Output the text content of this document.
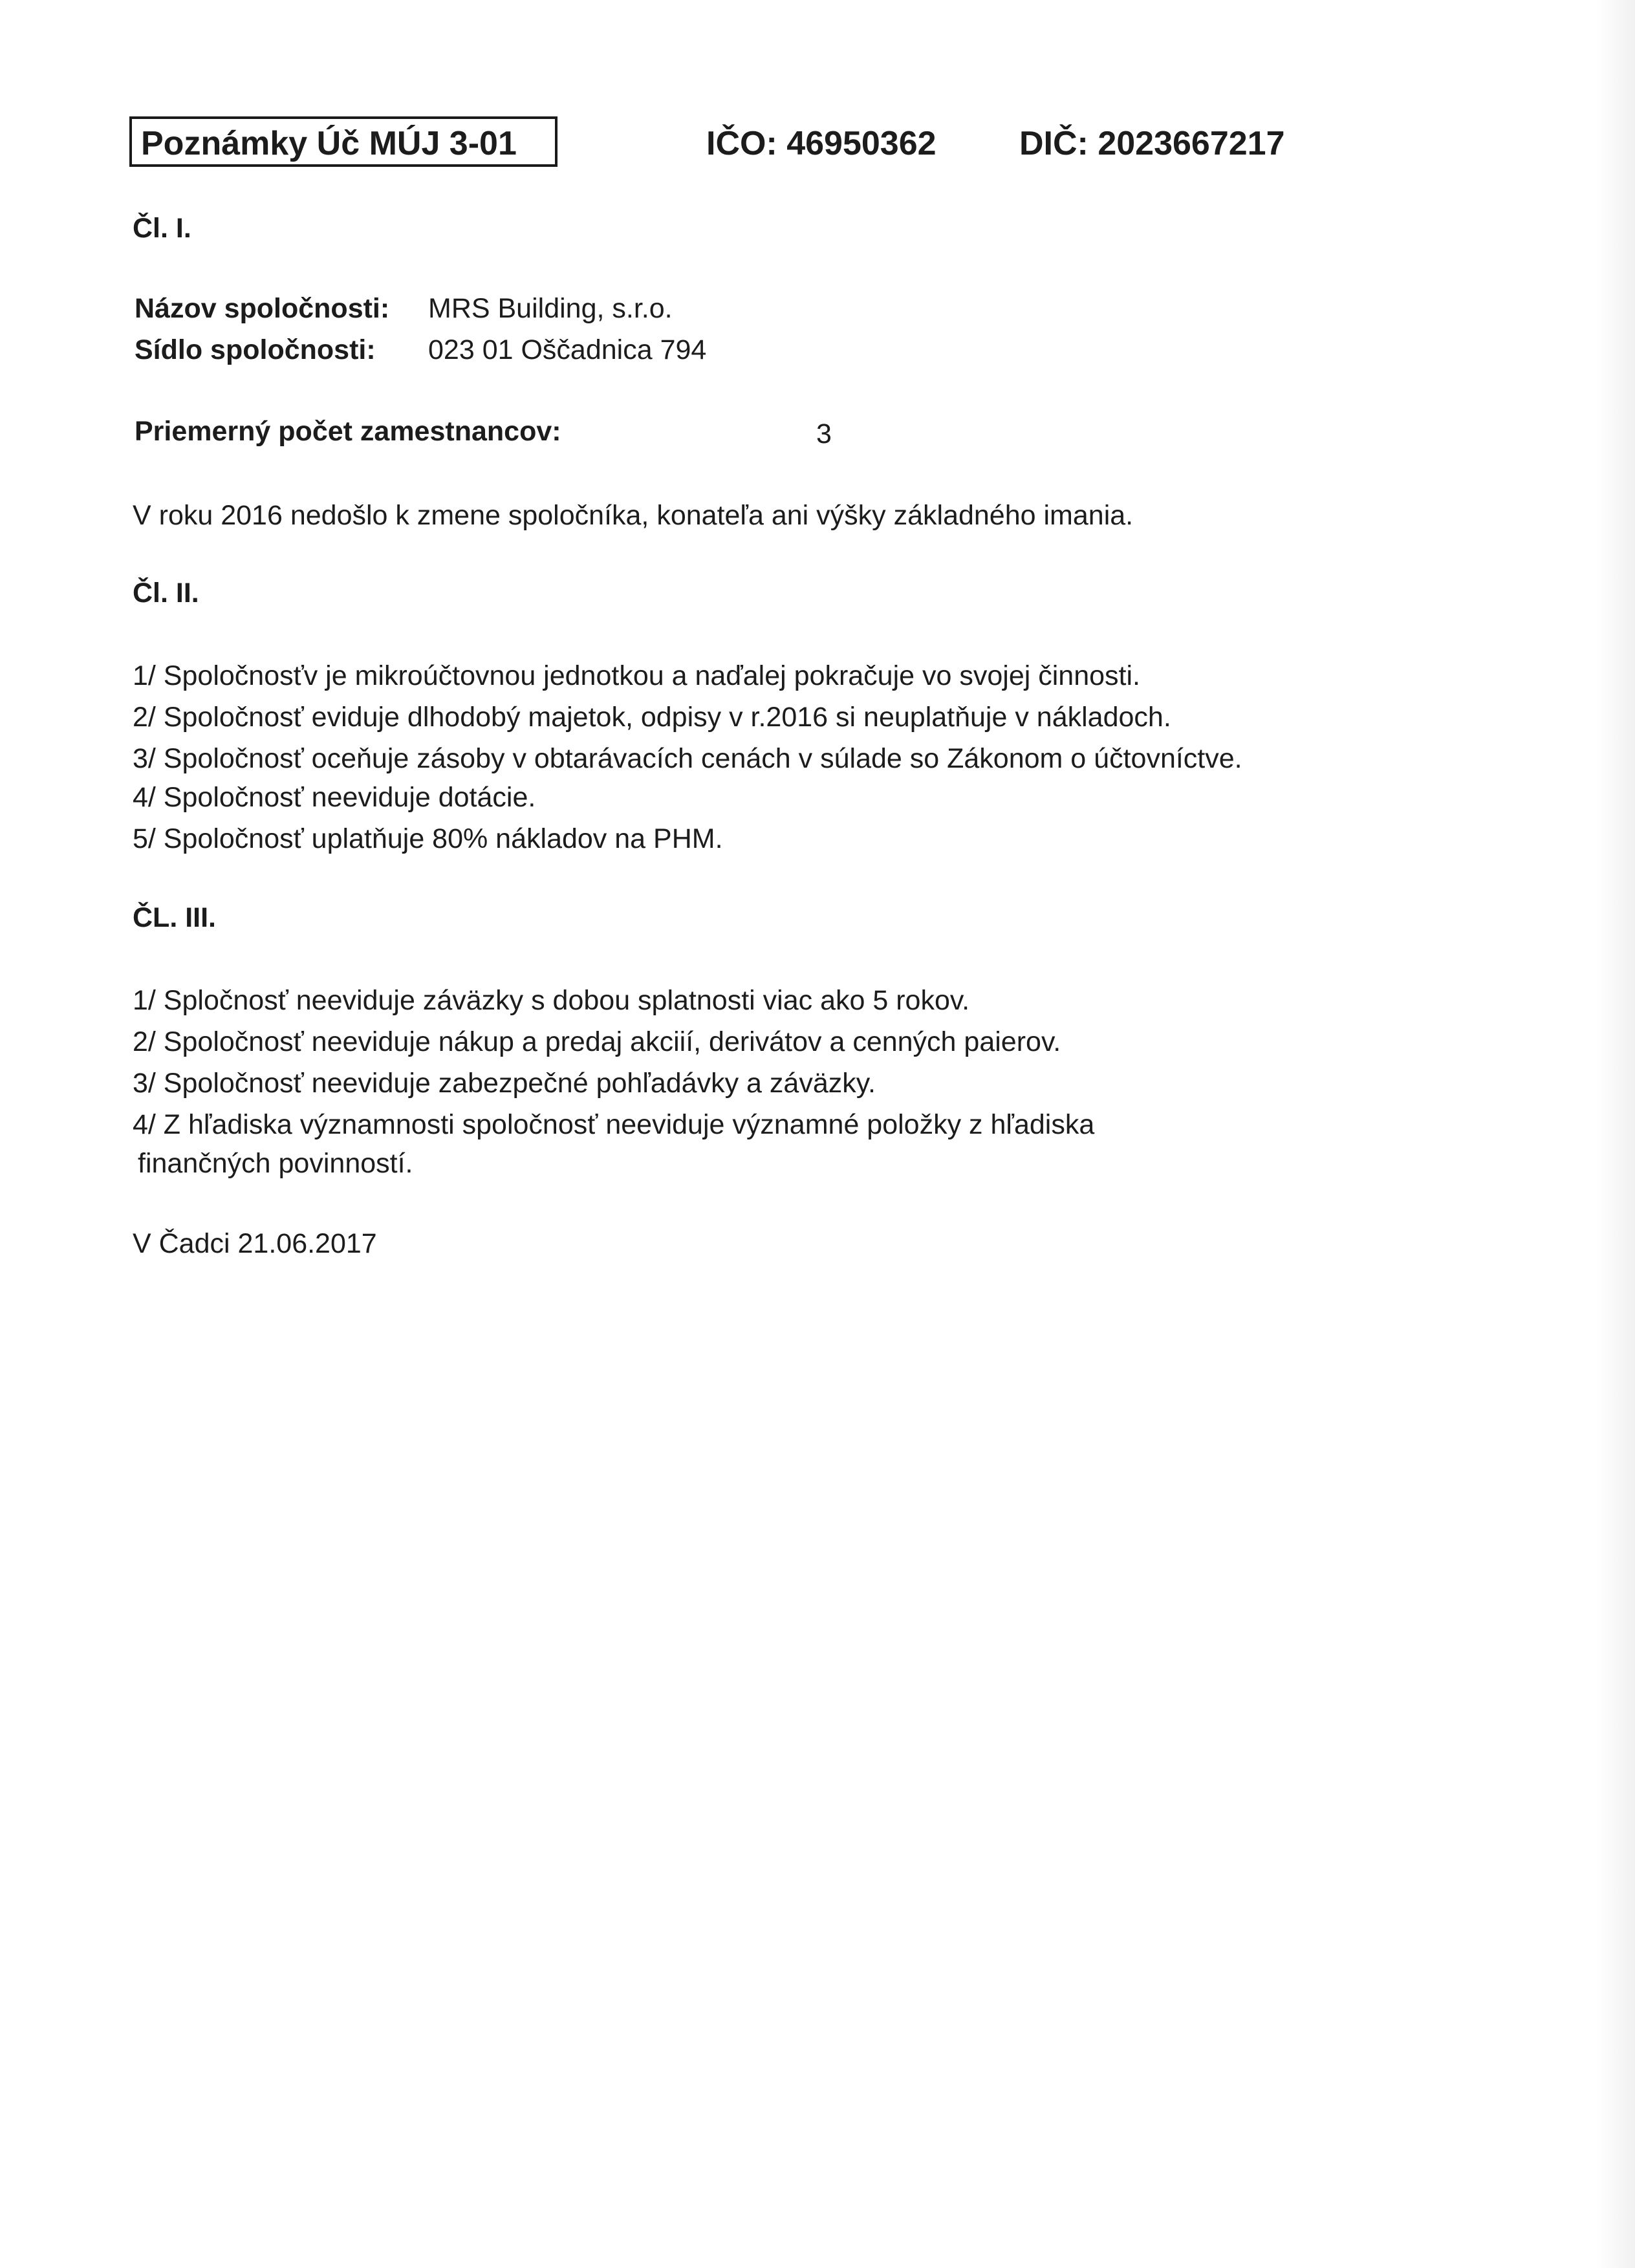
Poznámky Úč MÚJ 3-01	IČO: 46950362 DIČ: 2023667217
Čl. I.
Názov spoločnosti: MRS Building, s.r.o.
Sídlo spoločnosti: 023 01 Oščadnica 794
Priemerný počet zamestnancov:	3
V roku 2016 nedošlo k zmene spoločníka, konateľa ani výšky základného imania.
Čl. II.
1/ Spoločnosťv je mikroúčtovnou jednotkou a naďalej pokračuje vo svojej činnosti.
2/ Spoločnosť eviduje dlhodobý majetok, odpisy v r.2016 si neuplatňuje v nákladoch.
3/ Spoločnosť oceňuje zásoby v obtarávacích cenách v súlade so Zákonom o účtovníctve.
4/ Spoločnosť neeviduje dotácie.
5/ Spoločnosť uplatňuje 80% nákladov na PHM.
ČL. III.
1/ Spločnosť neeviduje záväzky s dobou splatnosti viac ako 5 rokov.
2/ Spoločnosť neeviduje nákup a predaj akciií, derivátov a cenných paierov.
3/ Spoločnosť neeviduje zabezpečné pohľadávky a záväzky.
4/ Z hľadiska významnosti spoločnosť neeviduje významné položky z hľadiska
finančných povinností.
V Čadci 21.06.2017
